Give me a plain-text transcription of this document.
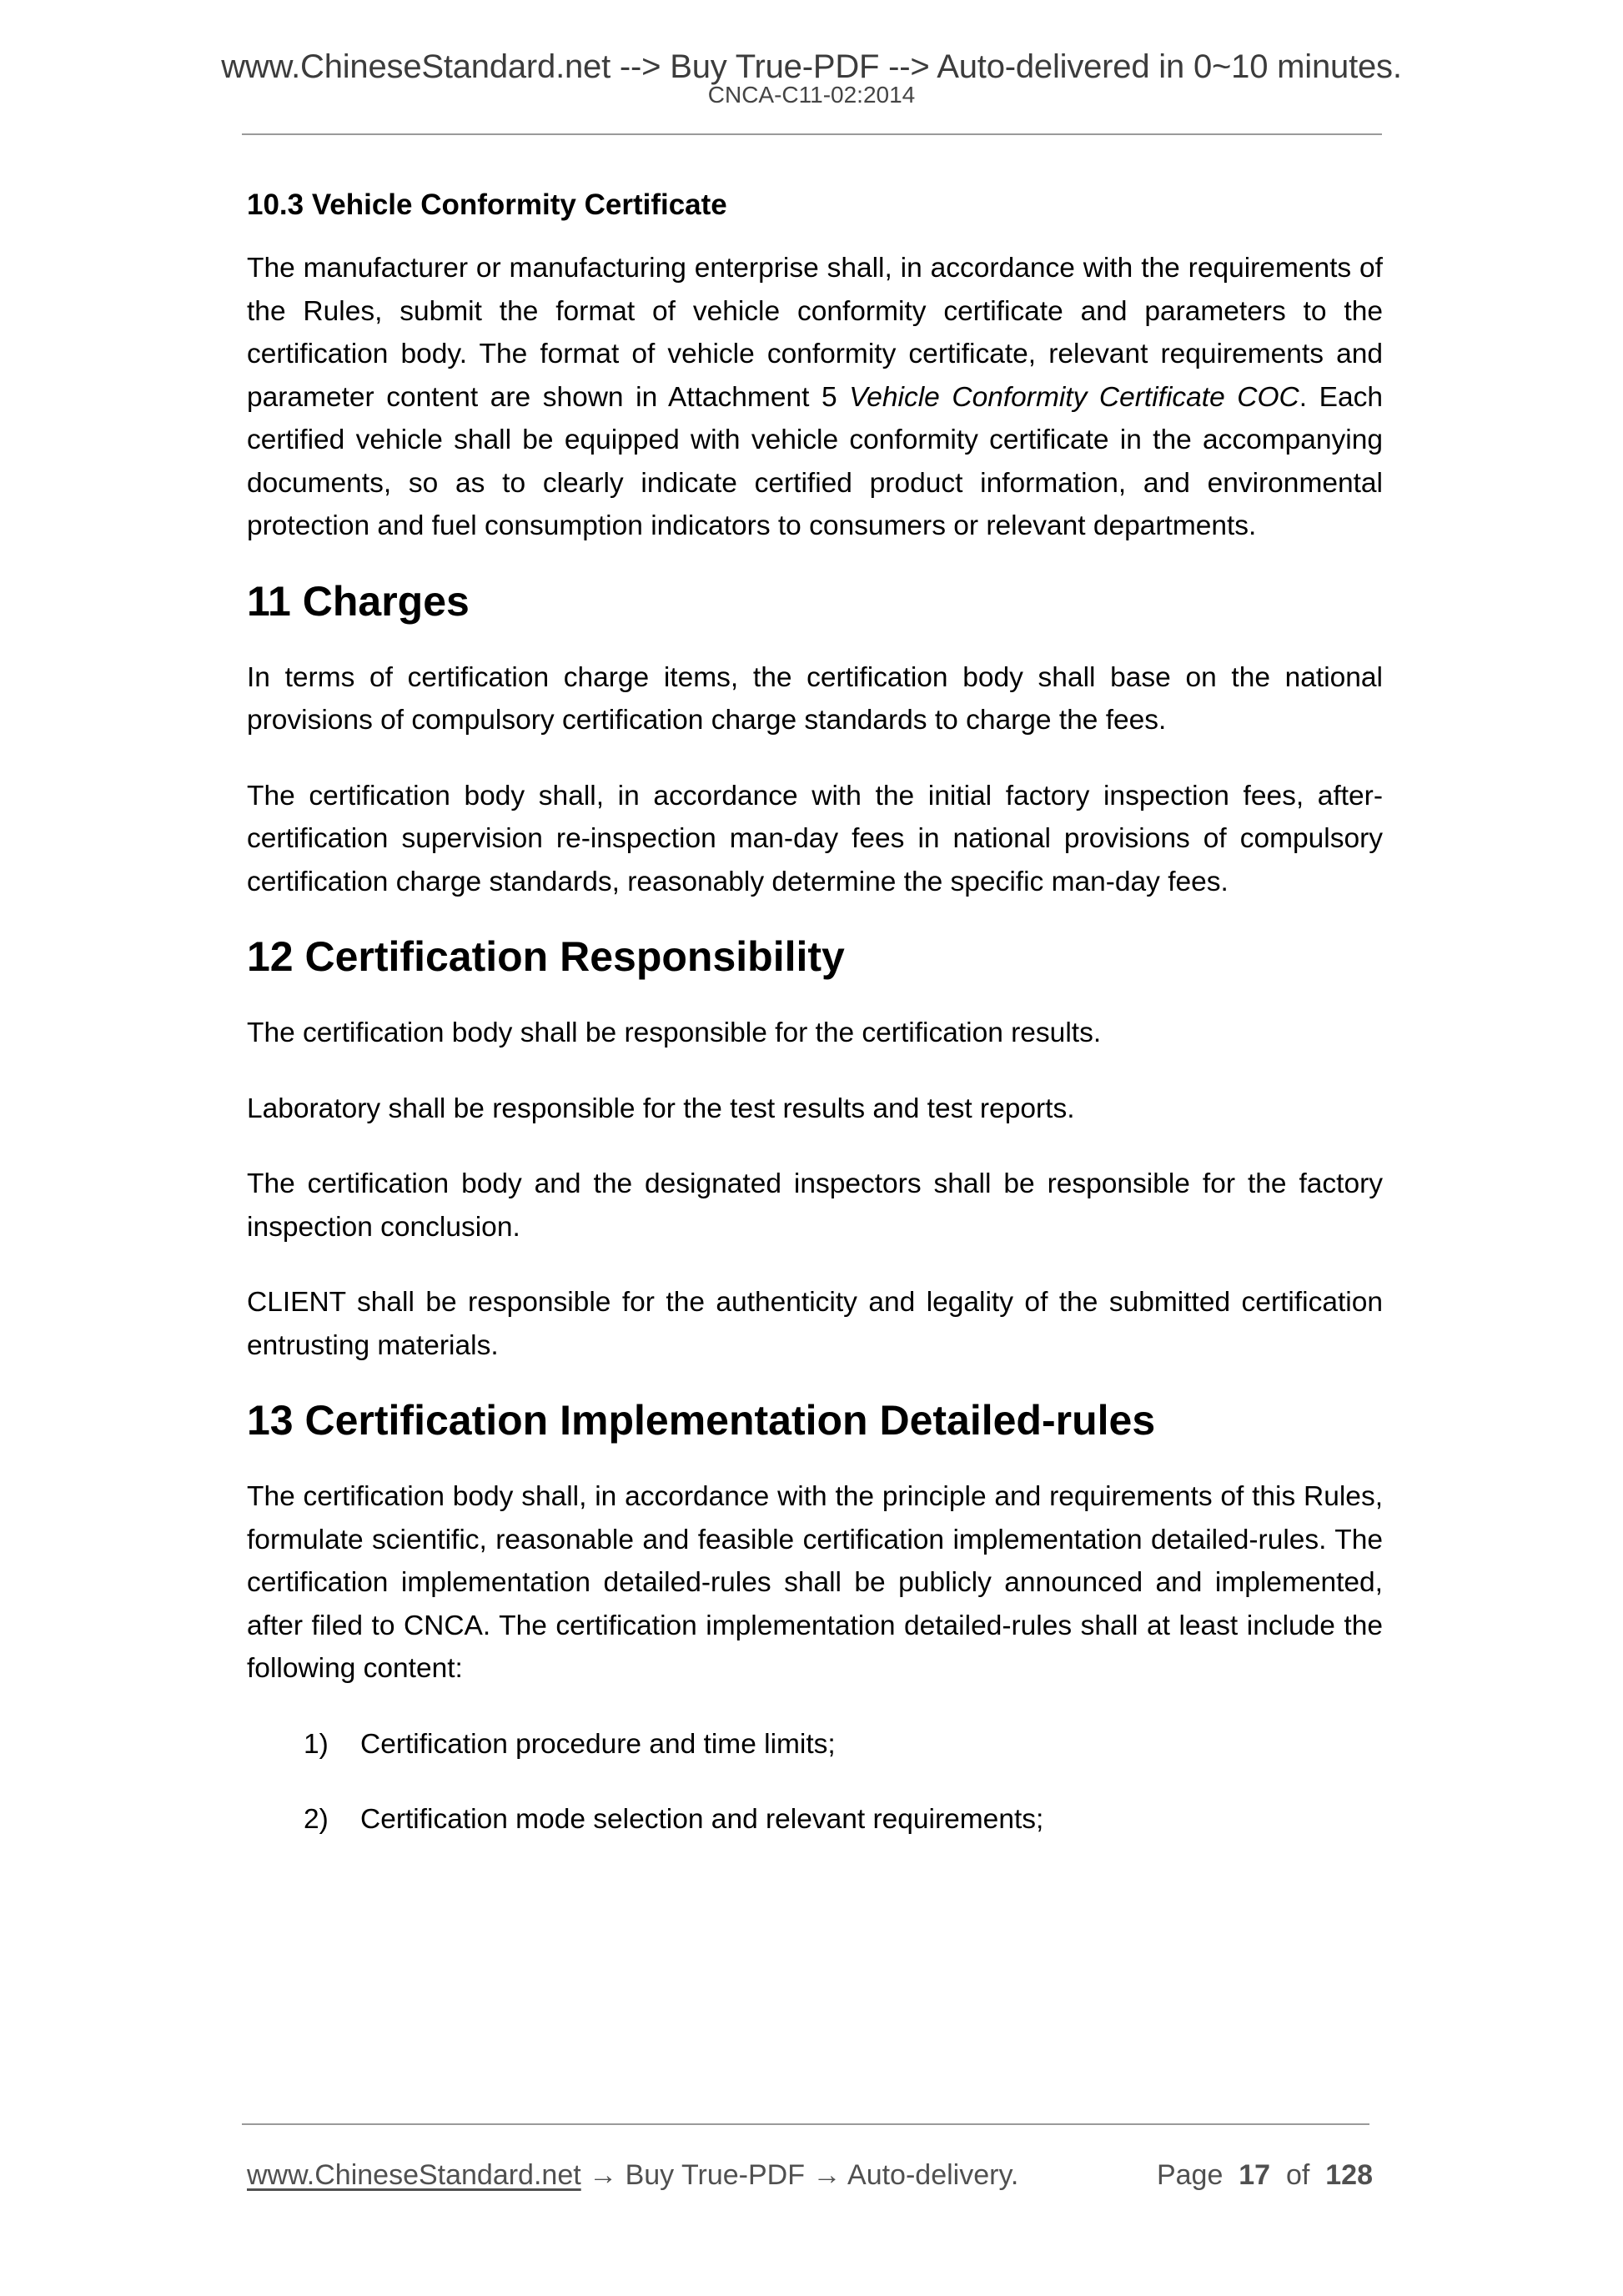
www.ChineseStandard.net --> Buy True-PDF --> Auto-delivered in 0~10 minutes.
CNCA-C11-02:2014
10.3 Vehicle Conformity Certificate

The manufacturer or manufacturing enterprise shall, in accordance with the requirements of the Rules, submit the format of vehicle conformity certificate and parameters to the certification body. The format of vehicle conformity certificate, relevant requirements and parameter content are shown in Attachment 5 Vehicle Conformity Certificate COC. Each certified vehicle shall be equipped with vehicle conformity certificate in the accompanying documents, so as to clearly indicate certified product information, and environmental protection and fuel consumption indicators to consumers or relevant departments.

11 Charges

In terms of certification charge items, the certification body shall base on the national provisions of compulsory certification charge standards to charge the fees.

The certification body shall, in accordance with the initial factory inspection fees, after-certification supervision re-inspection man-day fees in national provisions of compulsory certification charge standards, reasonably determine the specific man-day fees.

12 Certification Responsibility

The certification body shall be responsible for the certification results.

Laboratory shall be responsible for the test results and test reports.

The certification body and the designated inspectors shall be responsible for the factory inspection conclusion.

CLIENT shall be responsible for the authenticity and legality of the submitted certification entrusting materials.

13 Certification Implementation Detailed-rules

The certification body shall, in accordance with the principle and requirements of this Rules, formulate scientific, reasonable and feasible certification implementation detailed-rules. The certification implementation detailed-rules shall be publicly announced and implemented, after filed to CNCA. The certification implementation detailed-rules shall at least include the following content:

1)	Certification procedure and time limits;
2)	Certification mode selection and relevant requirements;
www.ChineseStandard.net → Buy True-PDF → Auto-delivery.	Page 17 of 128
